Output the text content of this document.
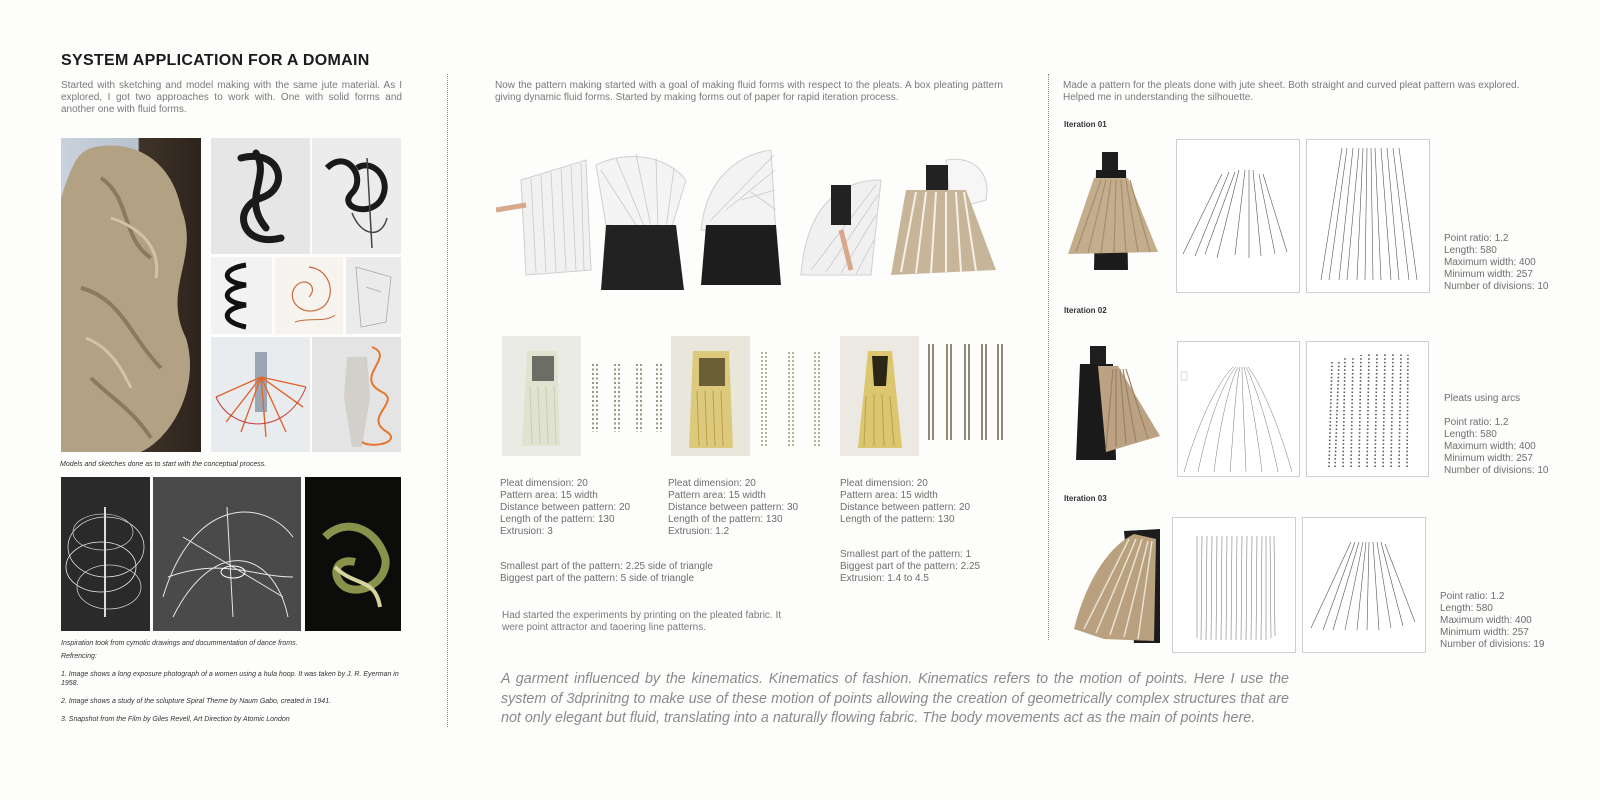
SYSTEM APPLICATION FOR A DOMAIN
Started with sketching and model making with the same jute material. As I explored, I got two approaches to work with. One with solid forms and another one with fluid forms.
Models and sketches done as to start with the conceptual process.
Inspiration took from cymotic drawings and docummentation of dance froms.
Refrencing:
1. Image shows a long exposure photograph of a women using a hula hoop. It was taken by J. R. Eyerman in 1958.
2. Image shows a study of the sclupture Spiral Theme by Naum Gabo, created in 1941.
3. Snapshot from the Film by Giles Revell, Art Direction by Atomic London
Now the pattern making started with a goal of making fluid forms with respect to the pleats. A box pleating pattern giving dynamic fluid forms. Started by making forms out of paper for rapid iteration process.
Pleat dimension: 20
Pattern area: 15 width
Distance between pattern: 20
Length of the pattern: 130
Extrusion: 3
Smallest part of the pattern: 2.25 side of triangle
Biggest part of the pattern: 5 side of triangle
Pleat dimension: 20
Pattern area: 15 width
Distance between pattern: 30
Length of the pattern: 130
Extrusion: 1.2
Pleat dimension: 20
Pattern area: 15 width
Distance between pattern: 20
Length of the pattern: 130
Smallest part of the pattern: 1
Biggest part of the pattern: 2.25
Extrusion: 1.4 to 4.5
Had started the experiments by printing on the pleated fabric. It were point attractor and taoering line patterns.
A garment influenced by the kinematics. Kinematics of fashion. Kinematics refers to the motion of points. Here I use the system of 3dprinitng to make use of these motion of points allowing the creation of geometrically complex structures that are not only elegant but fluid, translating into a naturally flowing fabric. The body movements act as the main of points here.
Made a pattern for the pleats done with jute sheet. Both straight and curved pleat pattern was explored. Helped me in understanding the silhouette.
Iteration 01
Point ratio: 1.2
Length: 580
Maximum width: 400
Minimum width: 257
Number of divisions: 10
Iteration 02
Pleats using arcs
Point ratio: 1.2
Length: 580
Maximum width: 400
Minimum width: 257
Number of divisions: 10
Iteration 03
Point ratio: 1.2
Length: 580
Maximum width: 400
Minimum width: 257
Number of divisions: 19
